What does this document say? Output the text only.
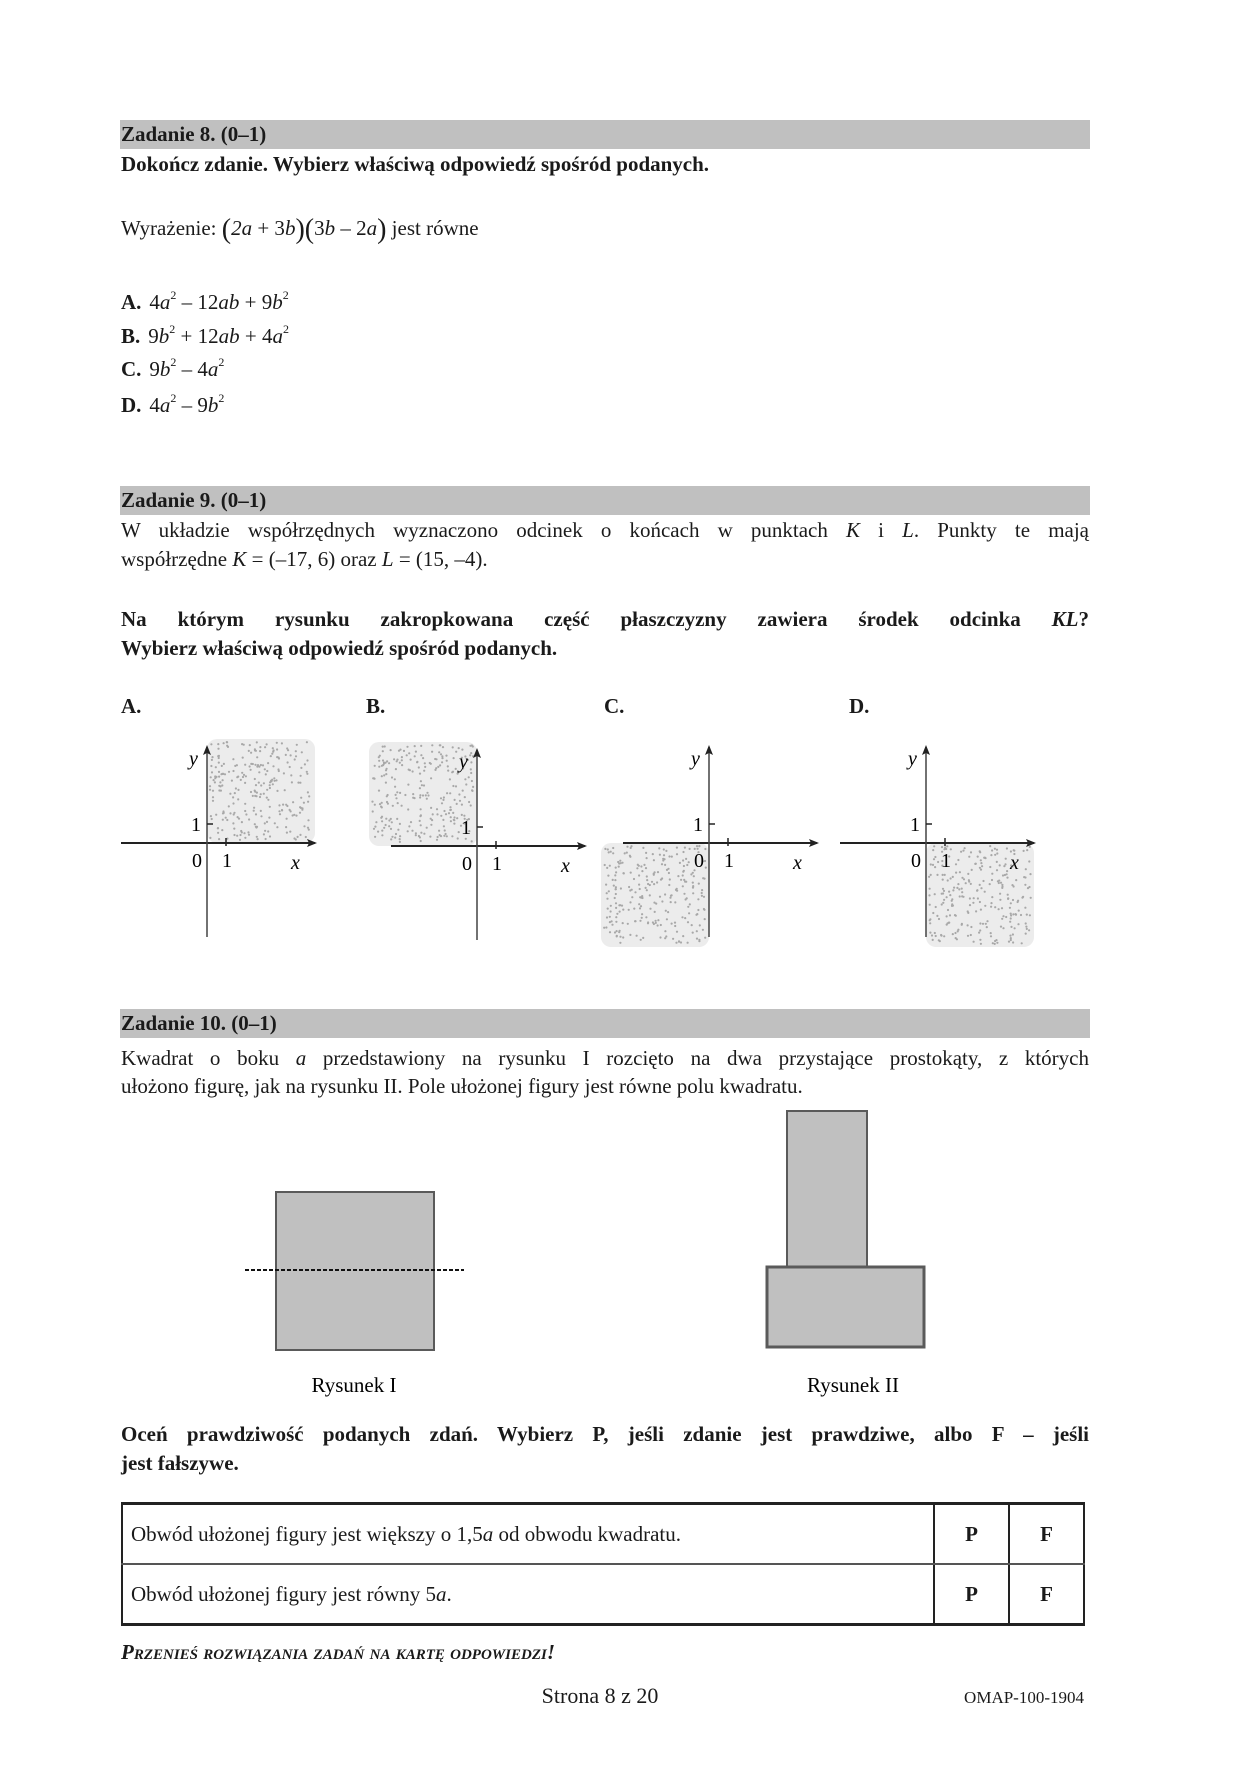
Zadanie 8. (0–1)
Dokończ zdanie. Wybierz właściwą odpowiedź spośród podanych.
Wyrażenie: (2a + 3b)(3b – 2a) jest równe
A. $4a^2 - 12ab + 9b^2$
B. $9b^2 + 12ab + 4a^2$
C. $9b^2 - 4a^2$
D. $4a^2 - 9b^2$
Zadanie 9. (0–1)
W układzie współrzędnych wyznaczono odcinek o końcach w punktach K i L. Punkty te mają
współrzędne K = (–17, 6) oraz L = (15, –4).
Na którym rysunku zakropkowana część płaszczyzny zawiera środek odcinka KL?
Wybierz właściwą odpowiedź spośród podanych.
A.	B.	C.	D.
1
1
0	x
y
1
1
0	x
y
1
1
0	x
y
1
1
0	x
y
Zadanie 10. (0–1)
Kwadrat o boku a przedstawiony na rysunku I rozcięto na dwa przystające prostokąty, z których
ułożono figurę, jak na rysunku II. Pole ułożonej figury jest równe polu kwadratu.
Rysunek I	Rysunek II
Oceń prawdziwość podanych zdań. Wybierz P, jeśli zdanie jest prawdziwe, albo F – jeśli
jest fałszywe.
Obwód ułożonej figury jest większy o 1,5a od obwodu kwadratu.	P	F
Obwód ułożonej figury jest równy 5a.	P	F
Przenieś rozwiązania zadań na kartę odpowiedzi!
Strona 8 z 20	OMAP-100-1904
